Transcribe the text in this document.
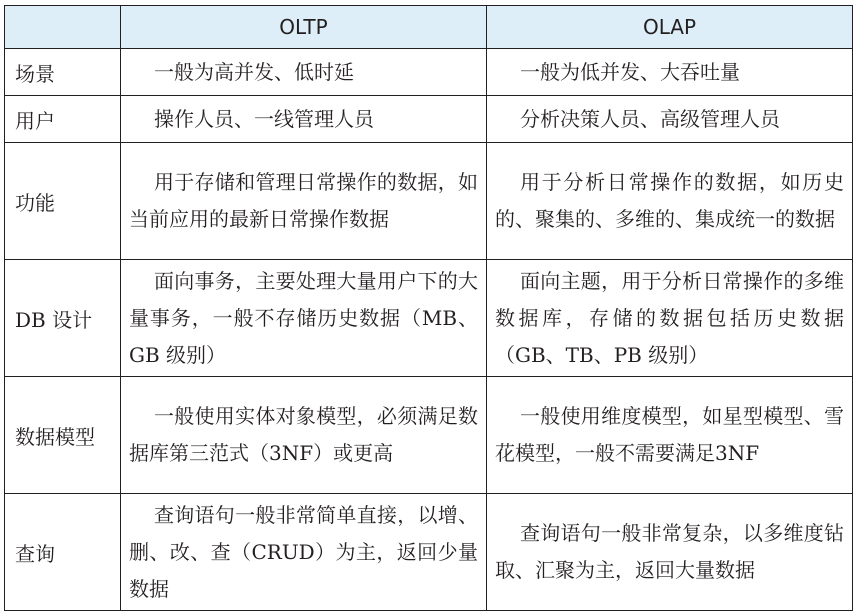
	OLTP	OLAP
场景	一般为高并发、低时延	一般为低并发、大吞吐量
用户	操作人员、一线管理人员	分析决策人员、高级管理人员
功能	用于存储和管理日常操作的数据，如当前应用的最新日常操作数据	用于分析日常操作的数据，如历史的、聚集的、多维的、集成统一的数据
DB 设计	面向事务，主要处理大量用户下的大量事务，一般不存储历史数据（MB、GB 级别）	面向主题，用于分析日常操作的多维数据库，存储的数据包括历史数据（GB、TB、PB 级别）
数据模型	一般使用实体对象模型，必须满足数据库第三范式（3NF）或更高	一般使用维度模型，如星型模型、雪花模型，一般不需要满足3NF
查询	查询语句一般非常简单直接，以增、删、改、查（CRUD）为主，返回少量数据	查询语句一般非常复杂，以多维度钻取、汇聚为主，返回大量数据
